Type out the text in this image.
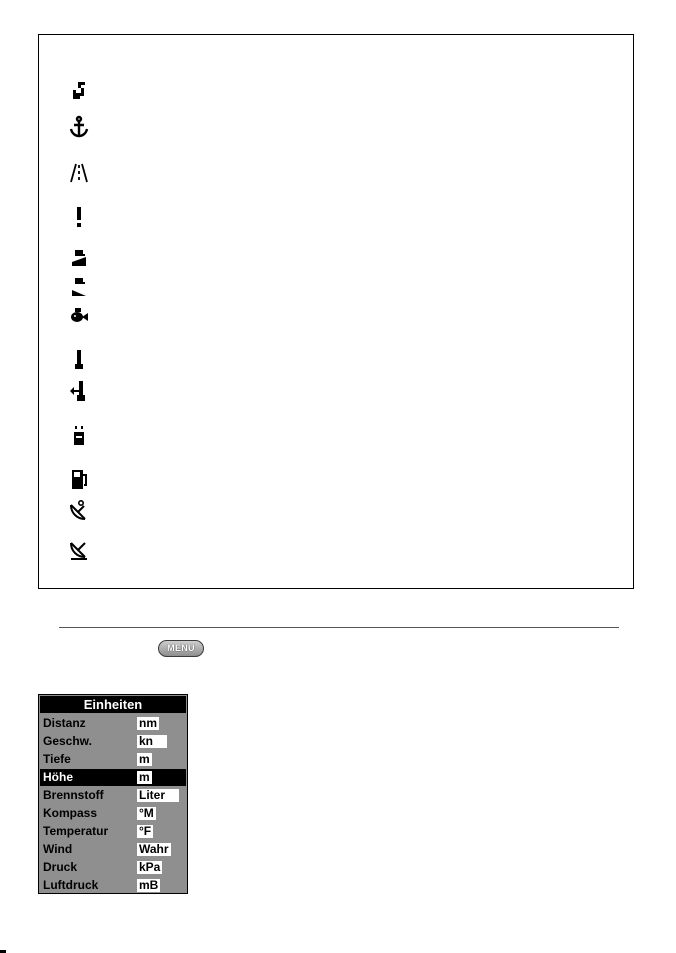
MENU
Einheiten
Distanz	nm
Geschw.	kn
Tiefe	m
Höhe	m
Brennstoff	Liter
Kompass	°M
Temperatur	°F
Wind	Wahr
Druck	kPa
Luftdruck	mB
